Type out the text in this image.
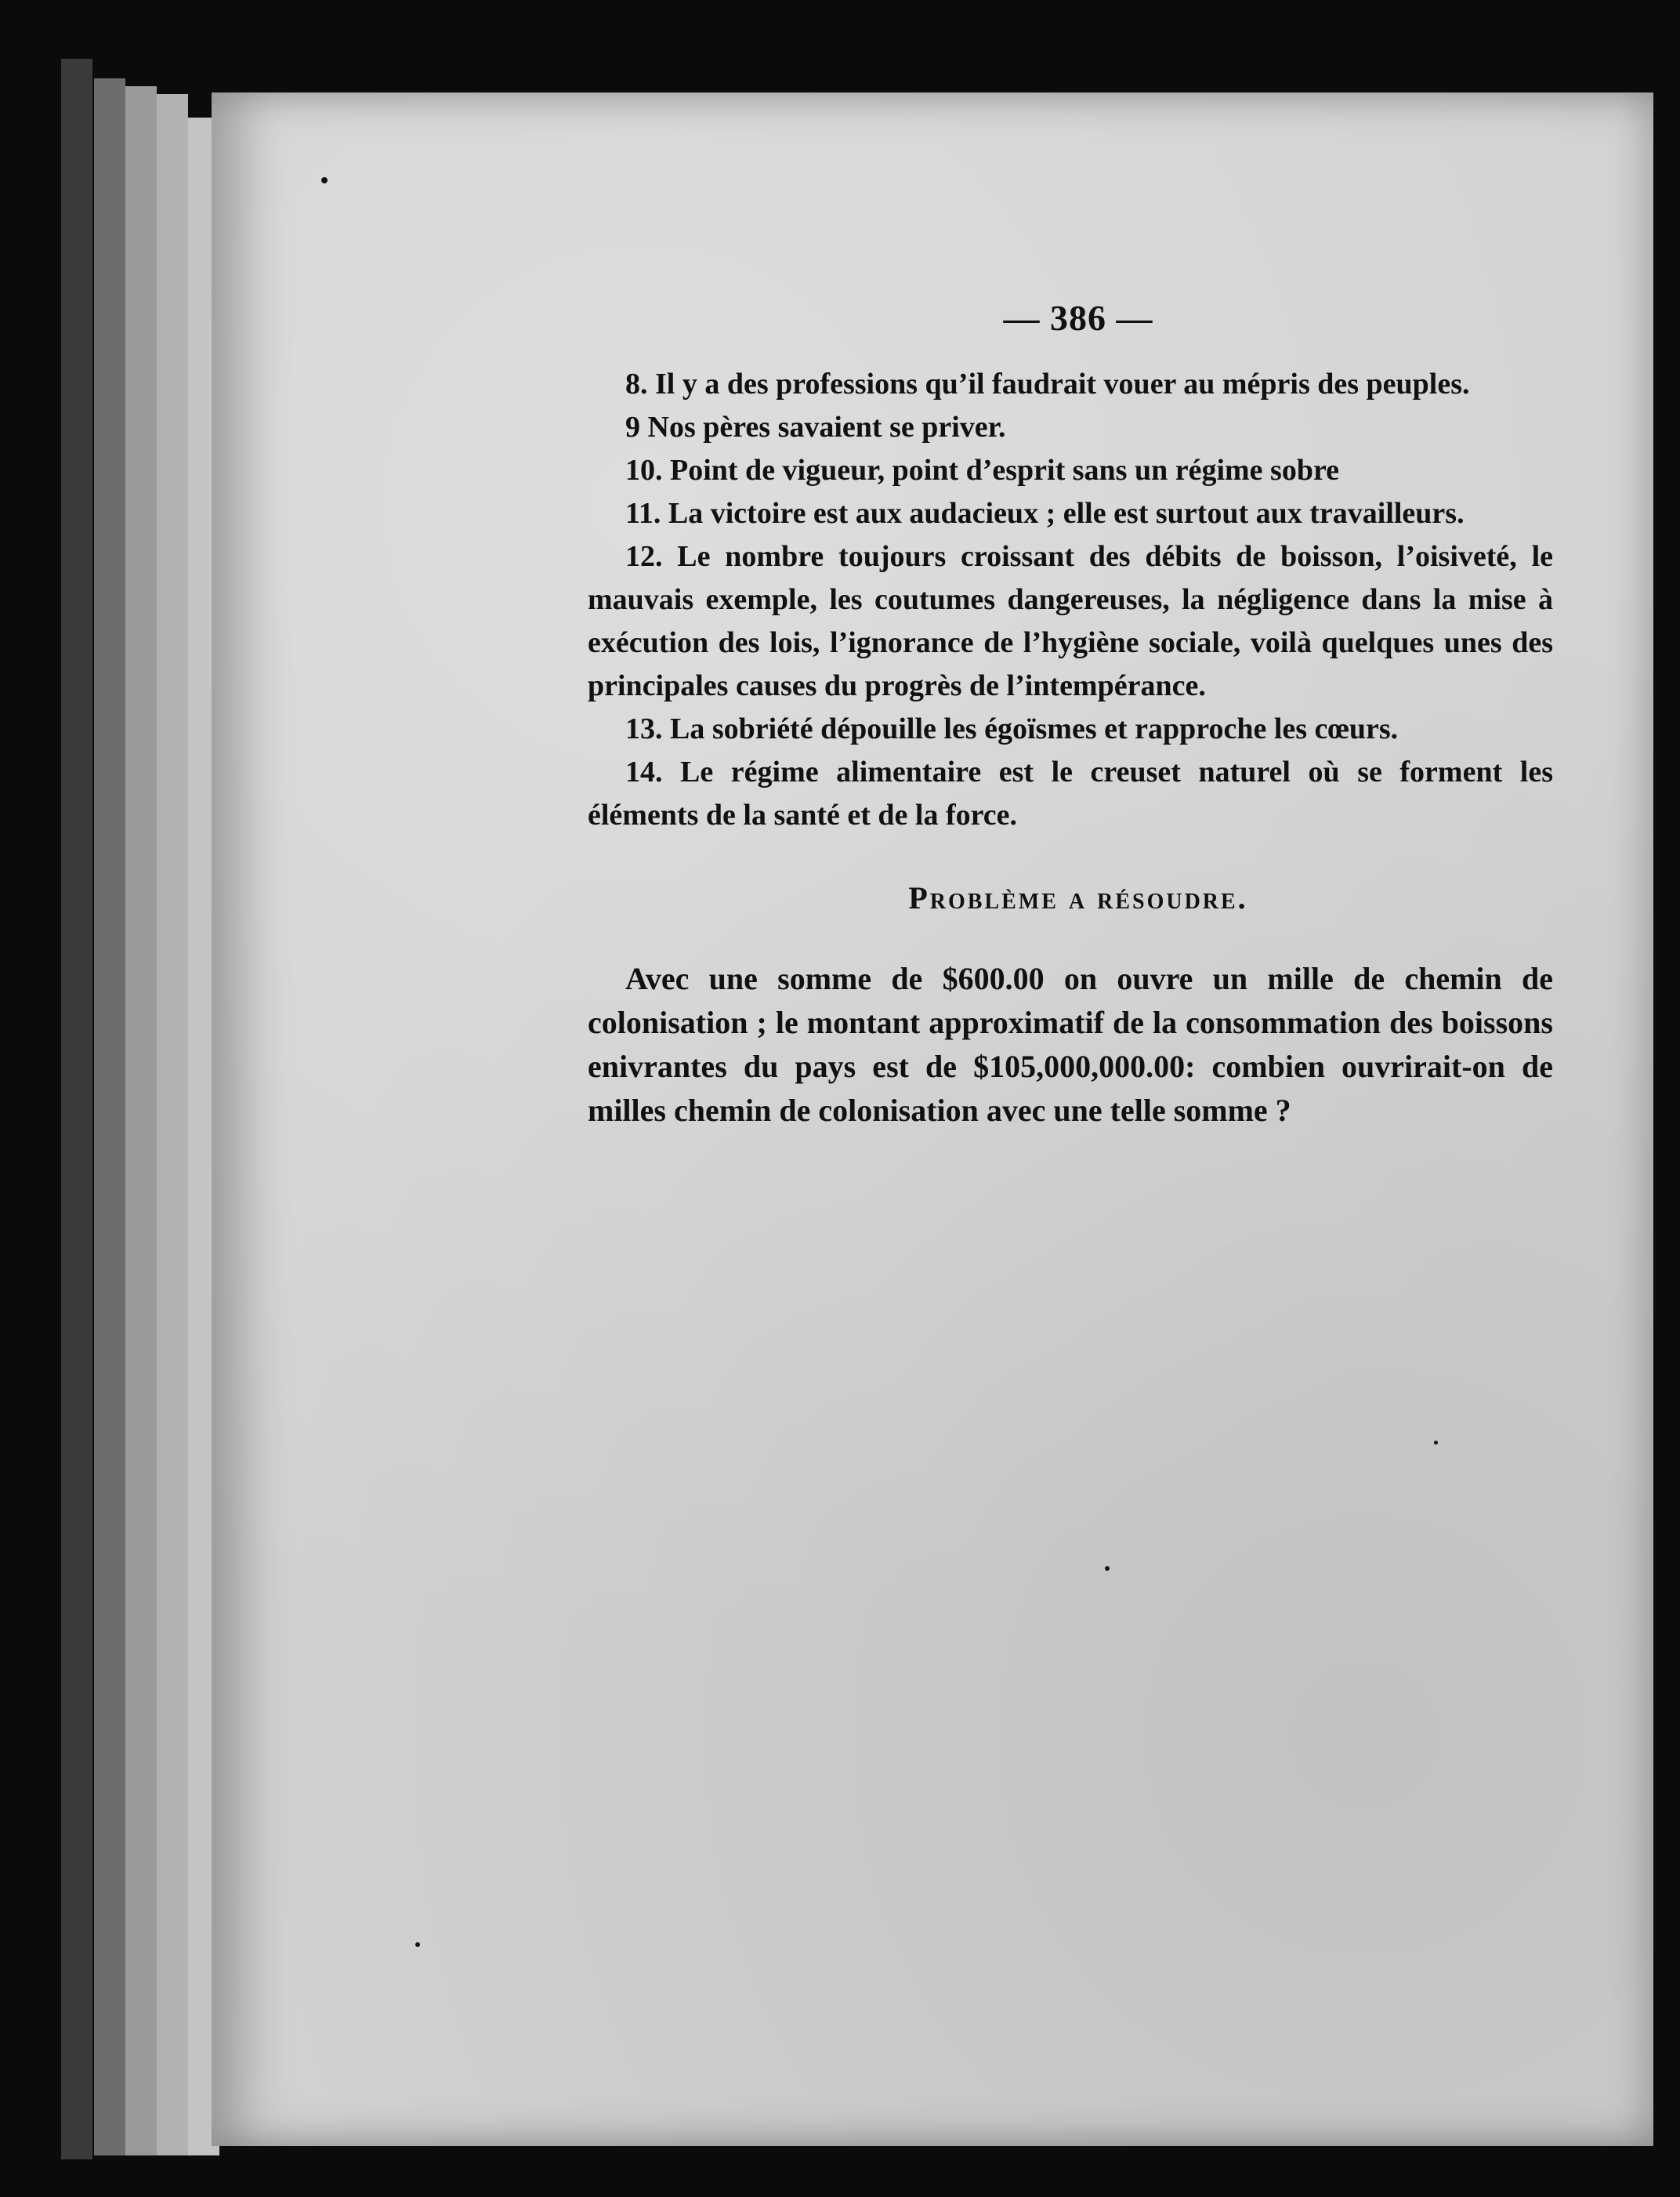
— 386 —

8. Il y a des professions qu’il faudrait vouer au mépris des peuples.

9 Nos pères savaient se priver.

10. Point de vigueur, point d’esprit sans un régime sobre

11. La victoire est aux audacieux ; elle est surtout aux travailleurs.

12. Le nombre toujours croissant des débits de boisson, l’oisiveté, le mauvais exemple, les coutumes dangereuses, la négligence dans la mise à exécution des lois, l’ignorance de l’hygiène sociale, voilà quelques unes des principales causes du progrès de l’intempérance.

13. La sobriété dépouille les égoïsmes et rapproche les cœurs.

14. Le régime alimentaire est le creuset naturel où se forment les éléments de la santé et de la force.

Problème a résoudre.

Avec une somme de $600.00 on ouvre un mille de chemin de colonisation ; le montant approximatif de la consommation des boissons enivrantes du pays est de $105,000,000.00: combien ouvrirait-on de milles chemin de colonisation avec une telle somme ?
